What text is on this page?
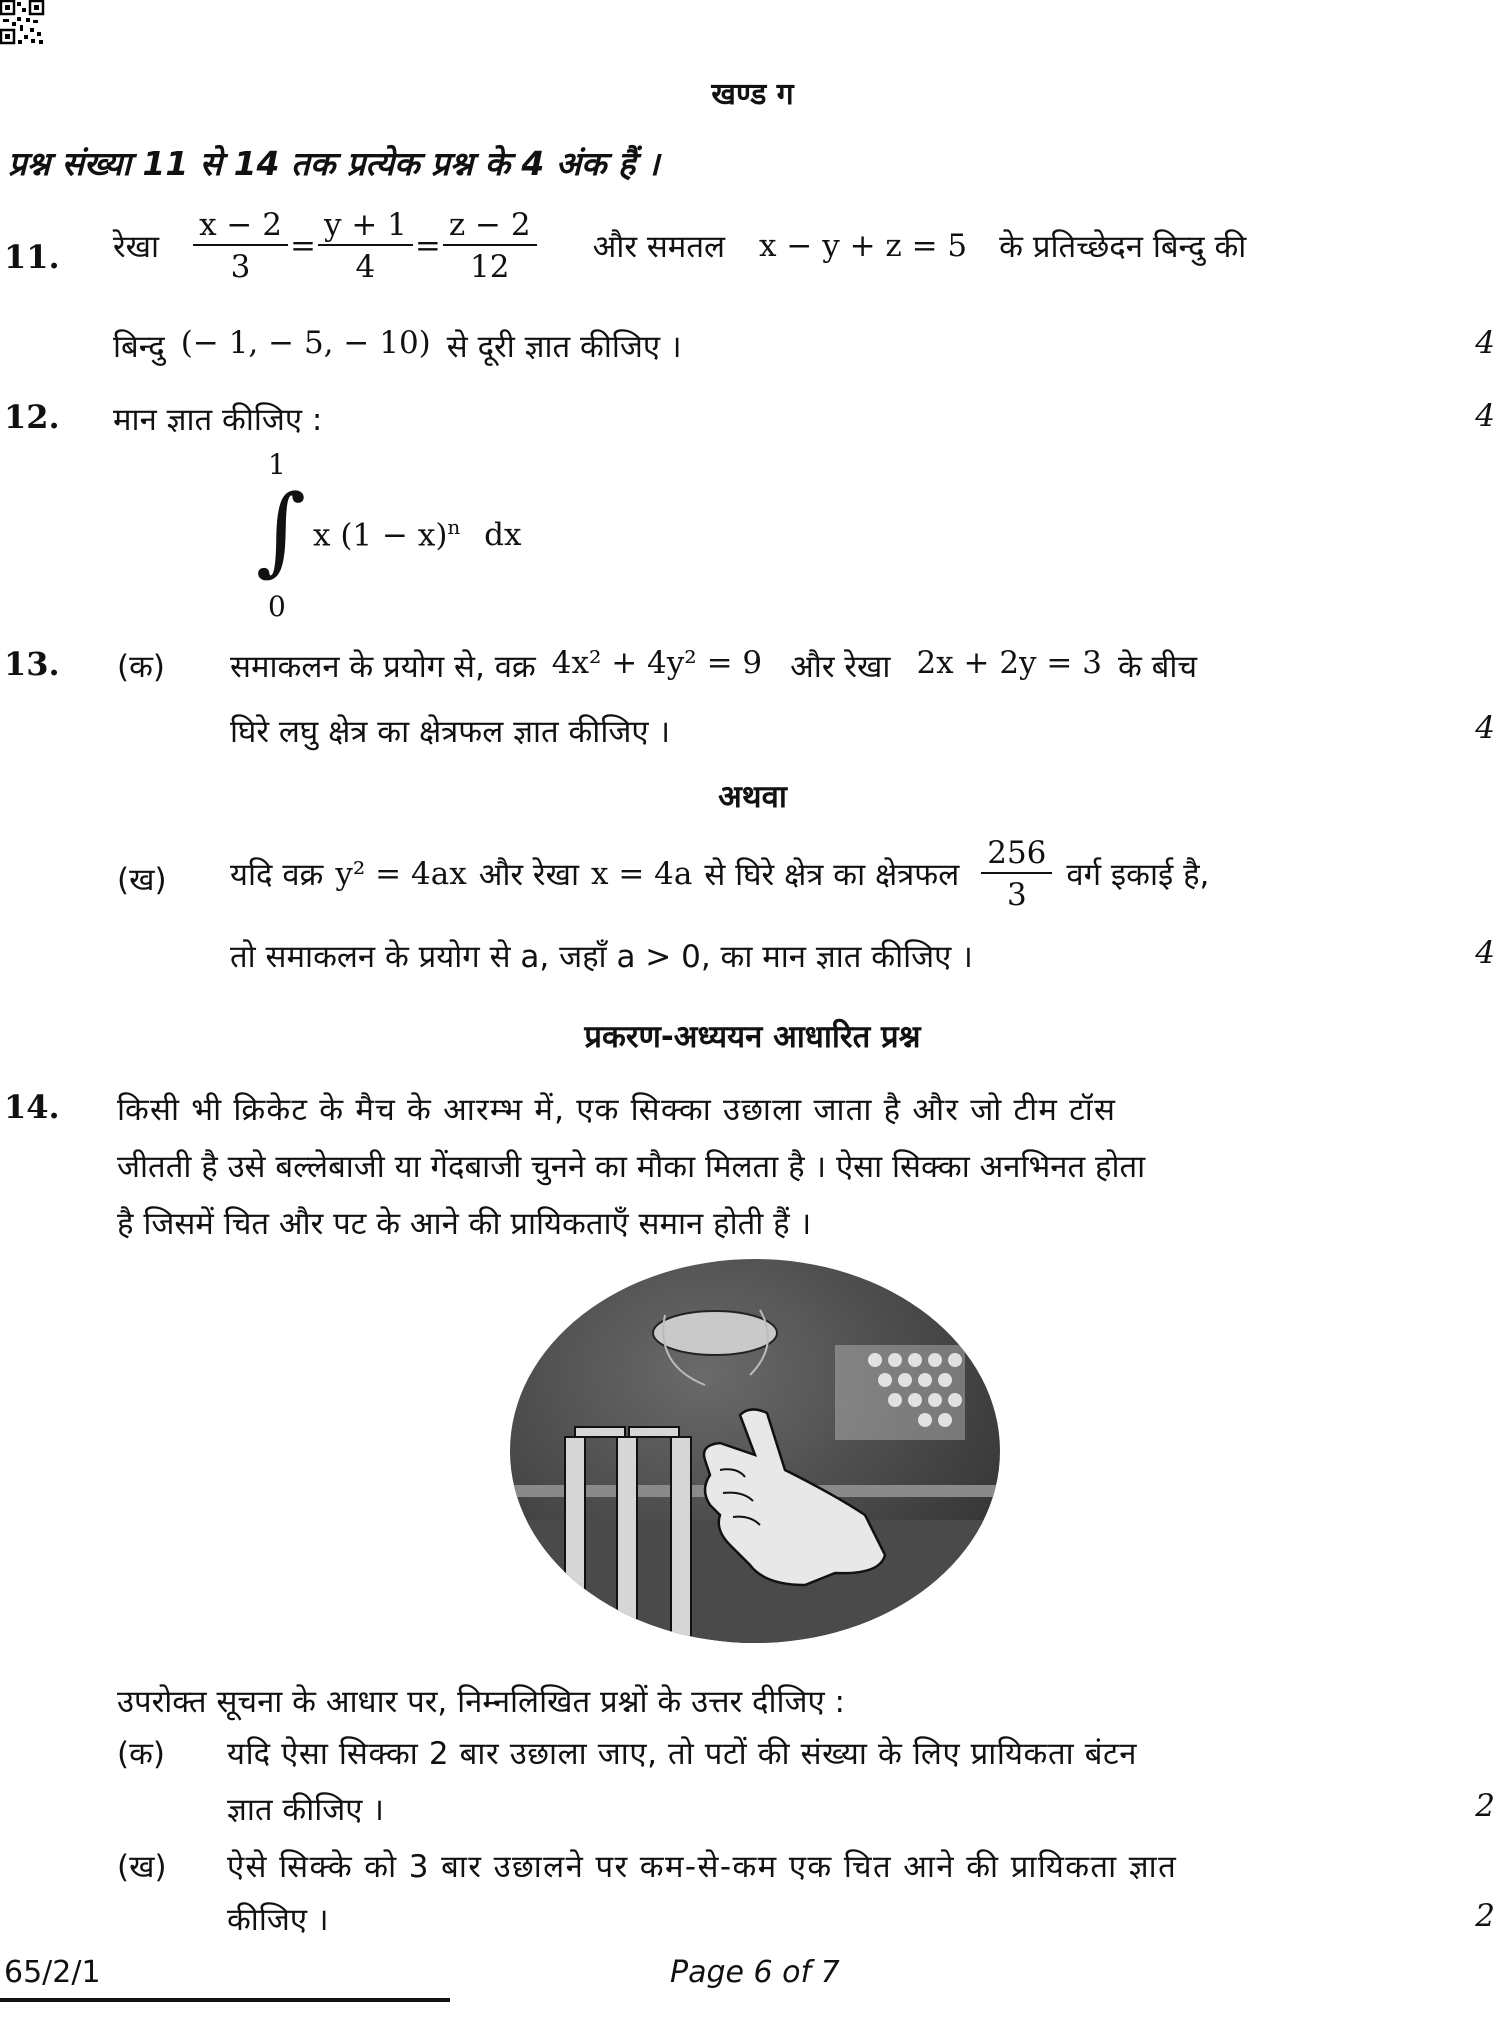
खण्ड ग
प्रश्न संख्या 11 से 14 तक प्रत्येक प्रश्न के 4 अंक हैं ।
11. रेखा $\frac{x - 2}{3} = \frac{y + 1}{4} = \frac{z - 2}{12}$ और समतल x − y + z = 5 के प्रतिच्छेदन बिन्दु की
बिन्दु (− 1, − 5, − 10) से दूरी ज्ञात कीजिए ।	4
12. मान ज्ञात कीजिए :	4
1
∫
0
x $(1 - x)^n$ dx
13. (क) समाकलन के प्रयोग से, वक्र 4x² + 4y² = 9 और रेखा 2x + 2y = 3 के बीच
घिरे लघु क्षेत्र का क्षेत्रफल ज्ञात कीजिए ।	4
अथवा
(ख) यदि वक्र y² = 4ax और रेखा x = 4a से घिरे क्षेत्र का क्षेत्रफल $\frac{256}{3}$ वर्ग इकाई है,
तो समाकलन के प्रयोग से a, जहाँ a > 0, का मान ज्ञात कीजिए ।	4
प्रकरण-अध्ययन आधारित प्रश्न
14. किसी भी क्रिकेट के मैच के आरम्भ में, एक सिक्का उछाला जाता है और जो टीम टॉस
जीतती है उसे बल्लेबाजी या गेंदबाजी चुनने का मौका मिलता है । ऐसा सिक्का अनभिनत होता
है जिसमें चित और पट के आने की प्रायिकताएँ समान होती हैं ।
उपरोक्त सूचना के आधार पर, निम्नलिखित प्रश्नों के उत्तर दीजिए :
(क) यदि ऐसा सिक्का 2 बार उछाला जाए, तो पटों की संख्या के लिए प्रायिकता बंटन
ज्ञात कीजिए ।	2
(ख) ऐसे सिक्के को 3 बार उछालने पर कम-से-कम एक चित आने की प्रायिकता ज्ञात
कीजिए ।	2
65/2/1	Page 6 of 7
